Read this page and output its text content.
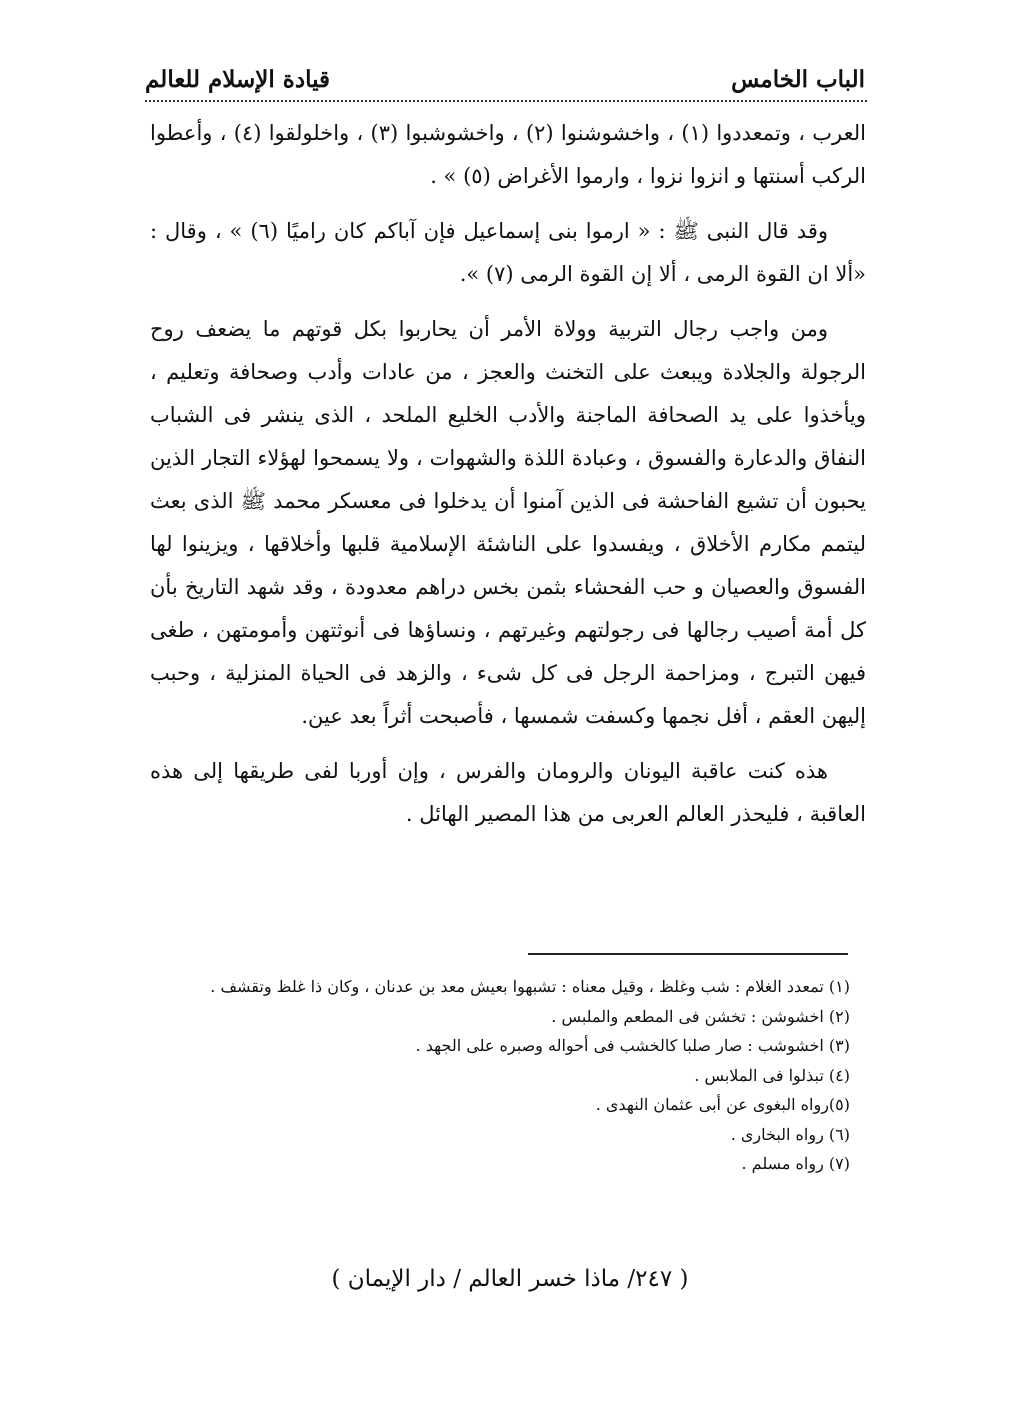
الباب الخامس
قيادة الإسلام للعالم

العرب ، وتمعددوا (١) ، واخشوشنوا (٢) ، واخشوشبوا (٣) ، واخلولقوا (٤) ، وأعطوا الركب أسنتها و انزوا نزوا ، وارموا الأغراض (٥) » .

وقد قال النبى ﷺ : « ارموا بنى إسماعيل فإن آباكم كان راميًا (٦) » ، وقال : «ألا ان القوة الرمى ، ألا إن القوة الرمى (٧) ».

ومن واجب رجال التربية وولاة الأمر أن يحاربوا بكل قوتهم ما يضعف روح الرجولة والجلادة ويبعث على التخنث والعجز ، من عادات وأدب وصحافة وتعليم ، ويأخذوا على يد الصحافة الماجنة والأدب الخليع الملحد ، الذى ينشر فى الشباب النفاق والدعارة والفسوق ، وعبادة اللذة والشهوات ، ولا يسمحوا لهؤلاء التجار الذين يحبون أن تشيع الفاحشة فى الذين آمنوا أن يدخلوا فى معسكر محمد ﷺ الذى بعث ليتمم مكارم الأخلاق ، ويفسدوا على الناشئة الإسلامية قلبها وأخلاقها ، ويزينوا لها الفسوق والعصيان و حب الفحشاء بثمن بخس دراهم معدودة ، وقد شهد التاريخ بأن كل أمة أصيب رجالها فى رجولتهم وغيرتهم ، ونساؤها فى أنوثتهن وأمومتهن ، طغى فيهن التبرج ، ومزاحمة الرجل فى كل شىء ، والزهد فى الحياة المنزلية ، وحبب إليهن العقم ، أفل نجمها وكسفت شمسها ، فأصبحت أثراً بعد عين.

هذه كنت عاقبة اليونان والرومان والفرس ، وإن أوربا لفى طريقها إلى هذه العاقبة ، فليحذر العالم العربى من هذا المصير الهائل .

(١) تمعدد الغلام : شب وغلظ ، وقيل معناه : تشبهوا بعيش معد بن عدنان ، وكان ذا غلظ وتقشف .
(٢) اخشوشن : تخشن فى المطعم والملبس .
(٣) اخشوشب : صار صلبا كالخشب فى أحواله وصبره على الجهد .
(٤) تبذلوا فى الملابس .
(٥)رواه البغوى عن أبى عثمان النهدى .
(٦) رواه البخارى .
(٧) رواه مسلم .
( ٢٤٧/ ماذا خسر العالم / دار الإيمان )
